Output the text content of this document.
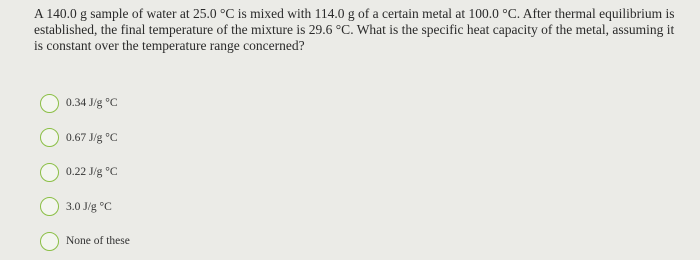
A 140.0 g sample of water at 25.0 °C is mixed with 114.0 g of a certain metal at 100.0 °C. After thermal equilibrium is established, the final temperature of the mixture is 29.6 °C. What is the specific heat capacity of the metal, assuming it is constant over the temperature range concerned?

0.34 J/g °C
0.67 J/g °C
0.22 J/g °C
3.0 J/g °C
None of these
